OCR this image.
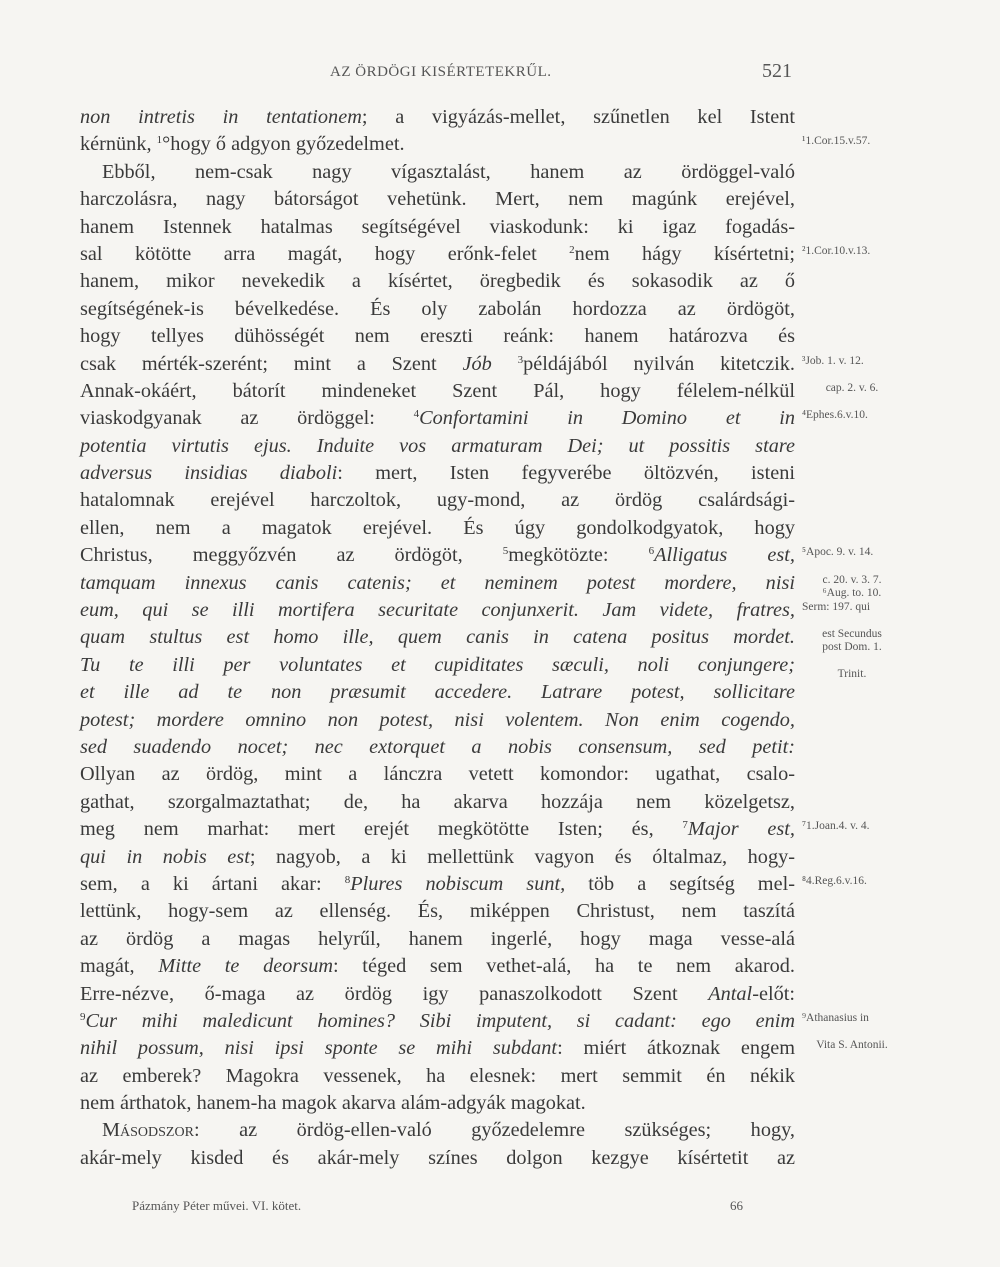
AZ ÖRDÖGI KISÉRTETEKRŰL.	521
non intretis in tentationem; a vigyázás-mellet, szűnetlen kel Istent
kérnünk, $^1$°hogy ő adgyon győzedelmet.	¹1.Cor.15.v.57.
Ebből, nem-csak nagy vígasztalást, hanem az ördöggel-való
harczolásra, nagy bátorságot vehetünk. Mert, nem magúnk erejével,
hanem Istennek hatalmas segítségével viaskodunk: ki igaz fogadás-
sal kötötte arra magát, hogy erőnk-felet $^2$nem hágy kísértetni; ²1.Cor.10.v.13.
hanem, mikor nevekedik a kísértet, öregbedik és sokasodik az ő
segítségének-is bévelkedése. És oly zabolán hordozza az ördögöt,
hogy tellyes dühösségét nem ereszti reánk: hanem határozva és
csak mérték-szerént; mint a Szent Jób $^3$példájából nyilván kitetczik. ³Job. 1. v. 12.
Annak-okáért, bátorít mindeneket Szent Pál, hogy félelem-nélkül	cap. 2. v. 6.
viaskodgyanak az ördöggel: $^4$Confortamini in Domino et in ⁴Ephes.6.v.10.
potentia virtutis ejus. Induite vos armaturam Dei; ut possitis stare
adversus insidias diaboli: mert, Isten fegyverébe öltözvén, isteni
hatalomnak erejével harczoltok, ugy-mond, az ördög csalárdsági-
ellen, nem a magatok erejével. És úgy gondolkodgyatok, hogy
Christus, meggyőzvén az ördögöt, $^5$megkötözte: $^6$Alligatus est, ⁵Apoc. 9. v. 14.
tamquam innexus canis catenis; et neminem potest mordere, nisi	c. 20. v. 3. 7.
⁶Aug. to. 10.
eum, qui se illi mortifera securitate conjunxerit. Jam videte, fratres, Serm: 197. qui
quam stultus est homo ille, quem canis in catena positus mordet.	est Secundus
post Dom. 1.
Tu te illi per voluntates et cupiditates sæculi, noli conjungere;	Trinit.
et ille ad te non præsumit accedere. Latrare potest, sollicitare
potest; mordere omnino non potest, nisi volentem. Non enim cogendo,
sed suadendo nocet; nec extorquet a nobis consensum, sed petit:
Ollyan az ördög, mint a lánczra vetett komondor: ugathat, csalo-
gathat, szorgalmaztathat; de, ha akarva hozzája nem közelgetsz,
meg nem marhat: mert erejét megkötötte Isten; és, $^7$Major est, ⁷1.Joan.4. v. 4.
qui in nobis est; nagyob, a ki mellettünk vagyon és óltalmaz, hogy-
sem, a ki ártani akar: $^8$Plures nobiscum sunt, töb a segítség mel- ⁸4.Reg.6.v.16.
lettünk, hogy-sem az ellenség. És, miképpen Christust, nem taszítá
az ördög a magas helyrűl, hanem ingerlé, hogy maga vesse-alá
magát, Mitte te deorsum: téged sem vethet-alá, ha te nem akarod.
Erre-nézve, ő-maga az ördög igy panaszolkodott Szent Antal-előt:
$^9$Cur mihi maledicunt homines? Sibi imputent, si cadant: ego enim ⁹Athanasius in
nihil possum, nisi ipsi sponte se mihi subdant: miért átkoznak engem	Vita S. Antonii.
az emberek? Magokra vessenek, ha elesnek: mert semmit én nékik
nem árthatok, hanem-ha magok akarva alám-adgyák magokat.
Másodszor: az ördög-ellen-való győzedelemre szükséges; hogy,
akár-mely kisded és akár-mely színes dolgon kezgye kísértetit az
Pázmány Péter művei. VI. kötet.	66
